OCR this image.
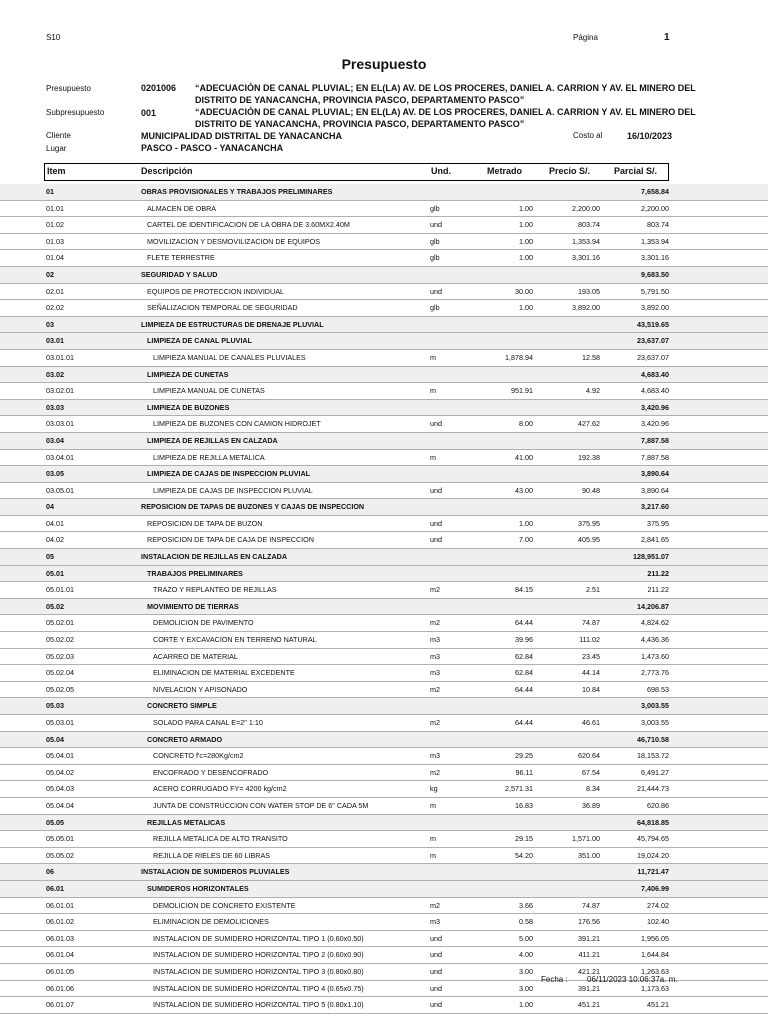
S10	Página	1
Presupuesto
Presupuesto	0201006 “ADECUACIÓN DE CANAL PLUVIAL; EN EL(LA) AV. DE LOS PROCERES, DANIEL A. CARRION Y AV. EL MINERO DEL
DISTRITO DE YANACANCHA, PROVINCIA PASCO, DEPARTAMENTO PASCO”
Subpresupuesto	001	“ADECUACIÓN DE CANAL PLUVIAL; EN EL(LA) AV. DE LOS PROCERES, DANIEL A. CARRION Y AV. EL MINERO DEL
DISTRITO DE YANACANCHA, PROVINCIA PASCO, DEPARTAMENTO PASCO”
Cliente	MUNICIPALIDAD DISTRITAL DE YANACANCHA	Costo al	16/10/2023
Lugar	PASCO - PASCO - YANACANCHA
Item	Descripción	Und.	Metrado	Precio S/.	Parcial S/.
01	OBRAS PROVISIONALES Y TRABAJOS PRELIMINARES	7,658.84
01.01	ALMACEN DE OBRA	glb	1.00	2,200.00	2,200.00
01.02	CARTEL DE IDENTIFICACION DE LA OBRA DE 3.60MX2.40M	und	1.00	803.74	803.74
01.03	MOVILIZACION Y DESMOVILIZACION DE EQUIPOS	glb	1.00	1,353.94	1,353.94
01.04	FLETE TERRESTRE	glb	1.00	3,301.16	3,301.16
02	SEGURIDAD Y SALUD	9,683.50
02.01	EQUIPOS DE PROTECCION INDIVIDUAL	und	30.00	193.05	5,791.50
02.02	SEÑALIZACION TEMPORAL DE SEGURIDAD	glb	1.00	3,892.00	3,892.00
03	LIMPIEZA DE ESTRUCTURAS DE DRENAJE PLUVIAL	43,519.65
03.01	LIMPIEZA DE CANAL PLUVIAL	23,637.07
03.01.01	LIMPIEZA MANUAL DE CANALES PLUVIALES	m	1,878.94	12.58	23,637.07
03.02	LIMPIEZA DE CUNETAS	4,683.40
03.02.01	LIMPIEZA MANUAL DE CUNETAS	m	951.91	4.92	4,683.40
03.03	LIMPIEZA DE BUZONES	3,420.96
03.03.01	LIMPIEZA DE BUZONES CON CAMION HIDROJET	und	8.00	427.62	3,420.96
03.04	LIMPIEZA DE REJILLAS EN CALZADA	7,887.58
03.04.01	LIMPIEZA DE REJILLA METALICA	m	41.00	192.38	7,887.58
03.05	LIMPIEZA DE CAJAS DE INSPECCION PLUVIAL	3,890.64
03.05.01	LIMPIEZA DE CAJAS DE INSPECCION PLUVIAL	und	43.00	90.48	3,890.64
04	REPOSICION DE TAPAS DE BUZONES Y CAJAS DE INSPECCION	3,217.60
04.01	REPOSICION DE TAPA DE BUZON	und	1.00	375.95	375.95
04.02	REPOSICION DE TAPA DE CAJA DE INSPECCION	und	7.00	405.95	2,841.65
05	INSTALACION DE REJILLAS EN CALZADA	128,951.07
05.01	TRABAJOS PRELIMINARES	211.22
05.01.01	TRAZO Y REPLANTEO DE REJILLAS	m2	84.15	2.51	211.22
05.02	MOVIMIENTO DE TIERRAS	14,206.87
05.02.01	DEMOLICION DE PAVIMENTO	m2	64.44	74.87	4,824.62
05.02.02	CORTE Y EXCAVACION EN TERRENO NATURAL	m3	39.96	111.02	4,436.36
05.02.03	ACARREO DE MATERIAL	m3	62.84	23.45	1,473.60
05.02.04	ELIMINACION DE MATERIAL EXCEDENTE	m3	62.84	44.14	2,773.76
05.02.05	NIVELACION Y APISONADO	m2	64.44	10.84	698.53
05.03	CONCRETO SIMPLE	3,003.55
05.03.01	SOLADO PARA CANAL E=2" 1:10	m2	64.44	46.61	3,003.55
05.04	CONCRETO ARMADO	46,710.58
05.04.01	CONCRETO f'c=280Kg/cm2	m3	29.25	620.64	18,153.72
05.04.02	ENCOFRADO Y DESENCOFRADO	m2	96.11	67.54	6,491.27
05.04.03	ACERO CORRUGADO FY= 4200 kg/cm2	kg	2,571.31	8.34	21,444.73
05.04.04	JUNTA DE CONSTRUCCION CON WATER STOP DE 6" CADA 5M	m	16.83	36.89	620.86
05.05	REJILLAS METALICAS	64,818.85
05.05.01	REJILLA METALICA DE ALTO TRANSITO	m	29.15	1,571.00	45,794.65
05.05.02	REJILLA DE RIELES DE 60 LIBRAS	m	54.20	351.00	19,024.20
06	INSTALACION DE SUMIDEROS PLUVIALES	11,721.47
06.01	SUMIDEROS HORIZONTALES	7,406.99
06.01.01	DEMOLICION DE CONCRETO EXISTENTE	m2	3.66	74.87	274.02
06.01.02	ELIMINACION DE DEMOLICIONES	m3	0.58	176.56	102.40
06.01.03	INSTALACION DE SUMIDERO HORIZONTAL TIPO 1 (0.60x0.50)	und	5.00	391.21	1,956.05
06.01.04	INSTALACION DE SUMIDERO HORIZONTAL TIPO 2 (0.60x0.90)	und	4.00	411.21	1,644.84
06.01.05	INSTALACION DE SUMIDERO HORIZONTAL TIPO 3 (0.80x0.80)	und	3.00	421.21	1,263.63
06.01.06	INSTALACION DE SUMIDERO HORIZONTAL TIPO 4 (0.65x0.75)	und	3.00	391.21	1,173.63
06.01.07	INSTALACION DE SUMIDERO HORIZONTAL TIPO 5 (0.80x1.10)	und	1.00	451.21	451.21
Fecha : 06/11/2023 10:06:37a. m.
